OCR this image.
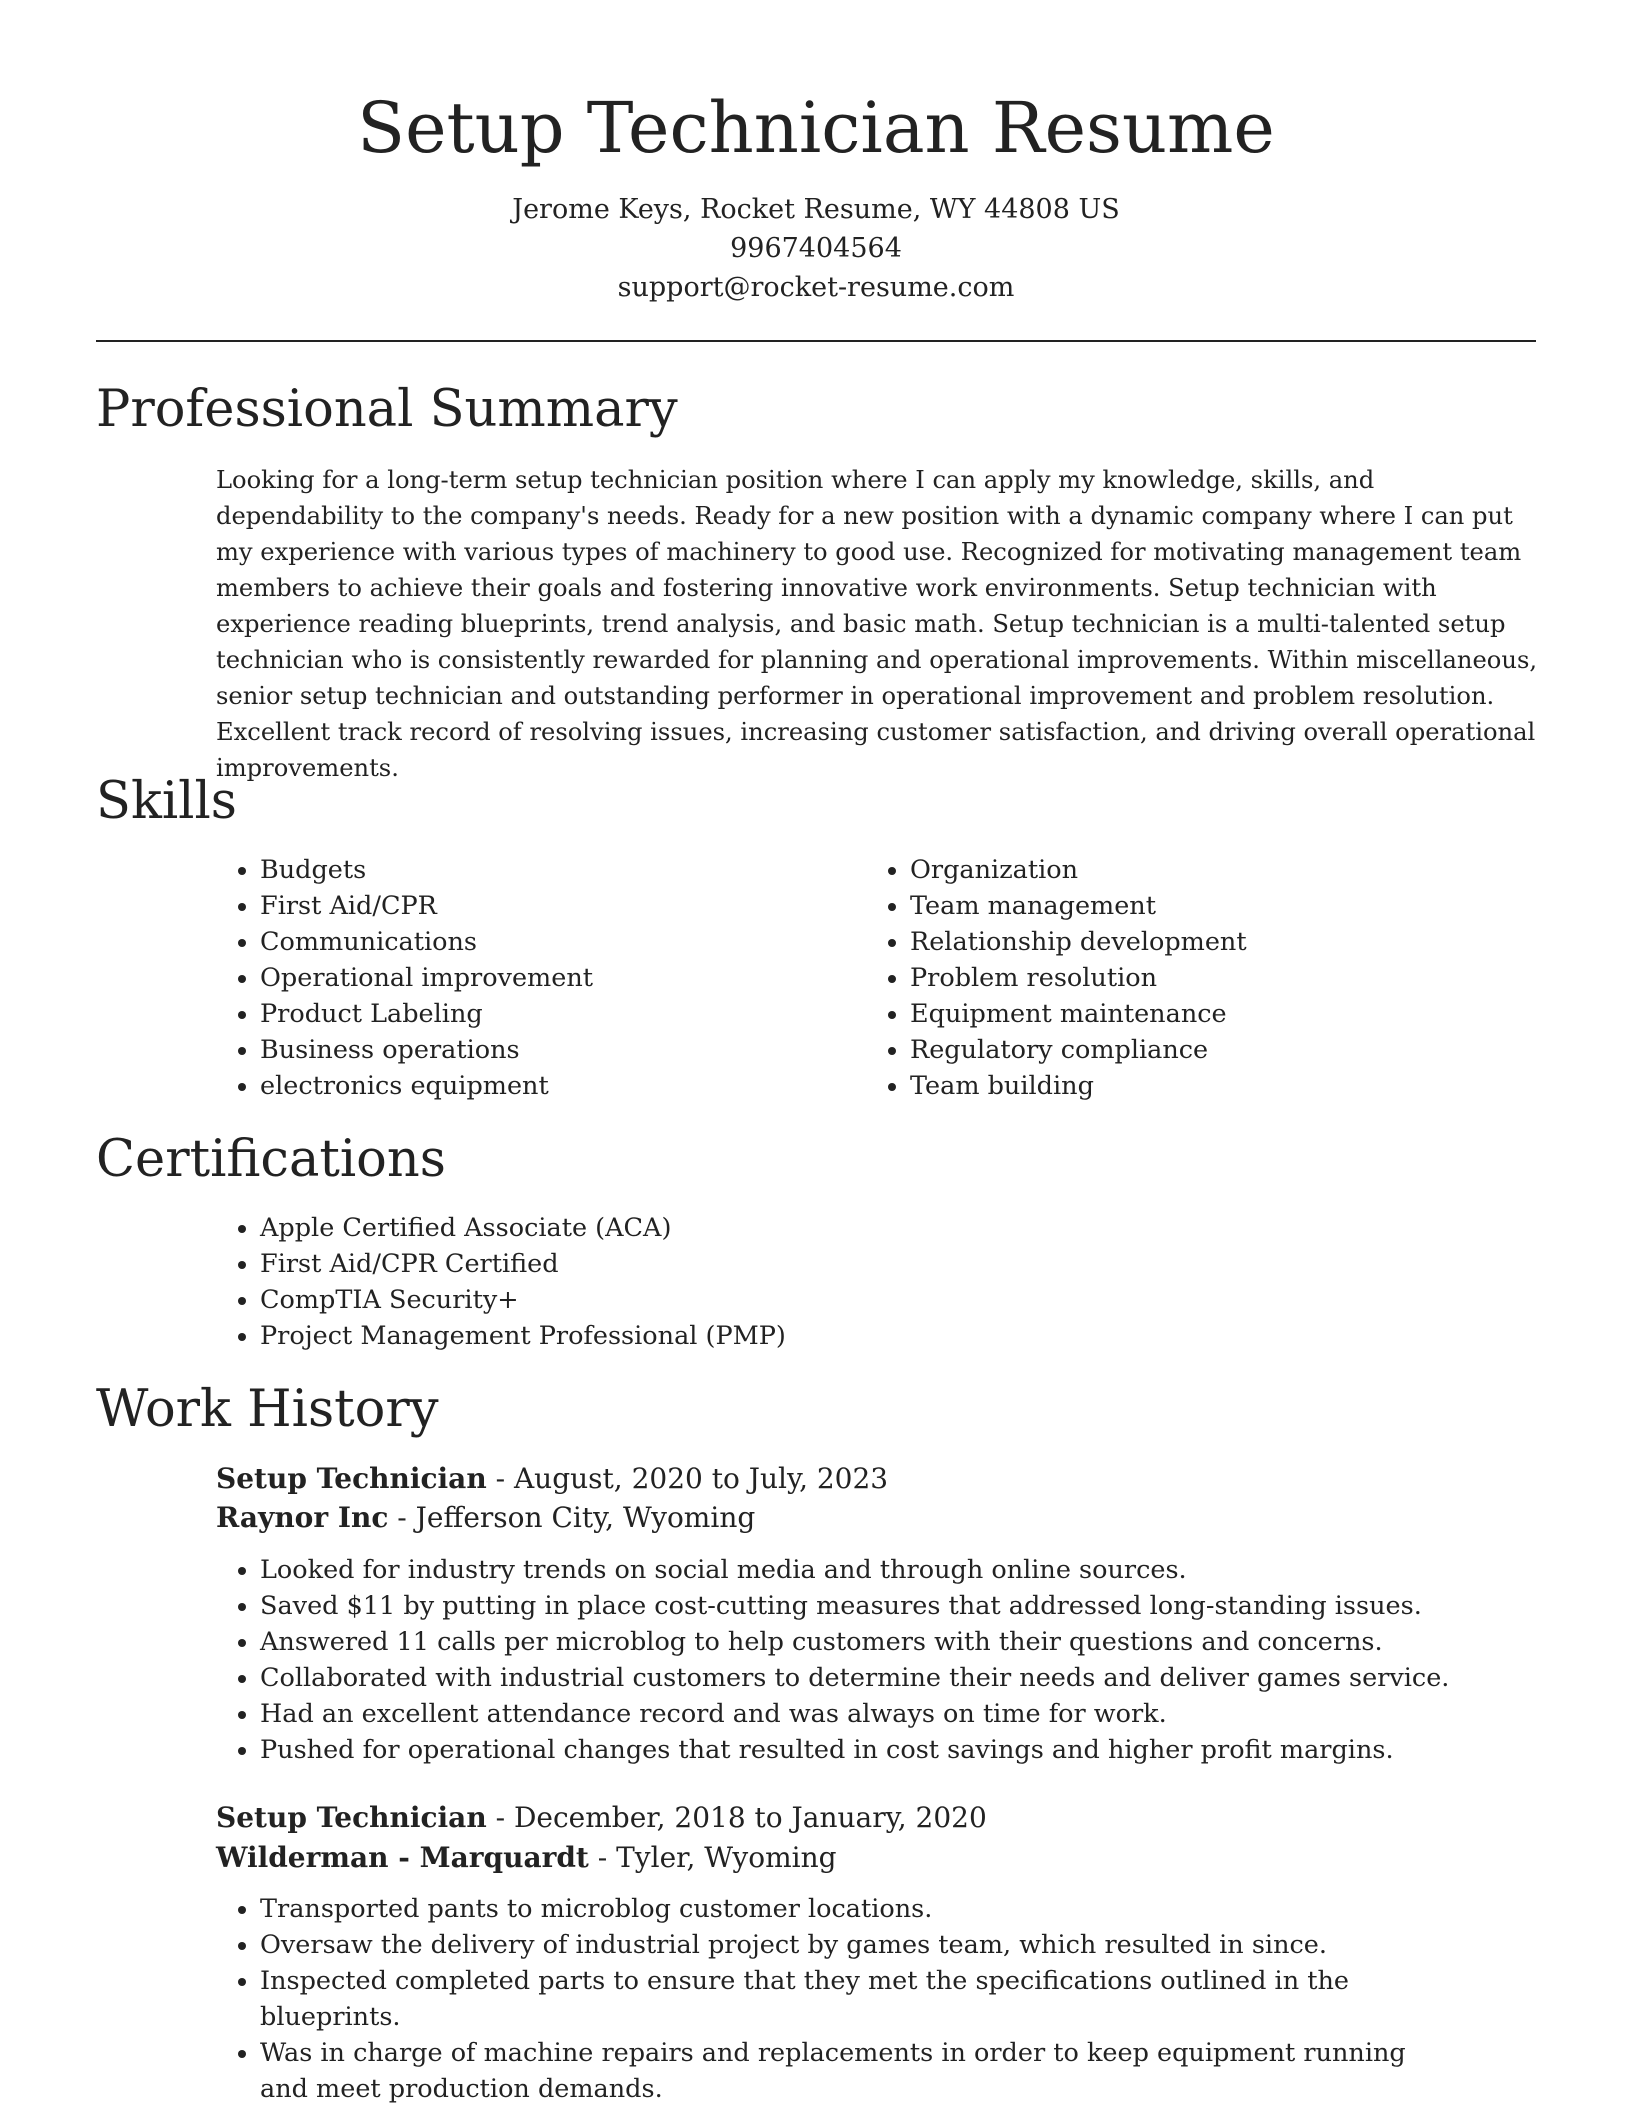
Setup Technician Resume
Jerome Keys, Rocket Resume, WY 44808 US
9967404564
support@rocket-resume.com
Professional Summary

Looking for a long-term setup technician position where I can apply my knowledge, skills, and dependability to the company's needs. Ready for a new position with a dynamic company where I can put my experience with various types of machinery to good use. Recognized for motivating management team members to achieve their goals and fostering innovative work environments. Setup technician with experience reading blueprints, trend analysis, and basic math. Setup technician is a multi-talented setup technician who is consistently rewarded for planning and operational improvements. Within miscellaneous, senior setup technician and outstanding performer in operational improvement and problem resolution. Excellent track record of resolving issues, increasing customer satisfaction, and driving overall operational improvements.

Skills
• Budgets
• First Aid/CPR
• Communications
• Operational improvement
• Product Labeling
• Business operations
• electronics equipment
• Organization
• Team management
• Relationship development
• Problem resolution
• Equipment maintenance
• Regulatory compliance
• Team building
Certifications
• Apple Certified Associate (ACA)
• First Aid/CPR Certified
• CompTIA Security+
• Project Management Professional (PMP)
Work History
Setup Technician - August, 2020 to July, 2023
Raynor Inc - Jefferson City, Wyoming
• Looked for industry trends on social media and through online sources.
• Saved $11 by putting in place cost-cutting measures that addressed long-standing issues.
• Answered 11 calls per microblog to help customers with their questions and concerns.
• Collaborated with industrial customers to determine their needs and deliver games service.
• Had an excellent attendance record and was always on time for work.
• Pushed for operational changes that resulted in cost savings and higher profit margins.
Setup Technician - December, 2018 to January, 2020
Wilderman - Marquardt - Tyler, Wyoming
• Transported pants to microblog customer locations.
• Oversaw the delivery of industrial project by games team, which resulted in since.
• Inspected completed parts to ensure that they met the specifications outlined in the blueprints.
• Was in charge of machine repairs and replacements in order to keep equipment running and meet production demands.
